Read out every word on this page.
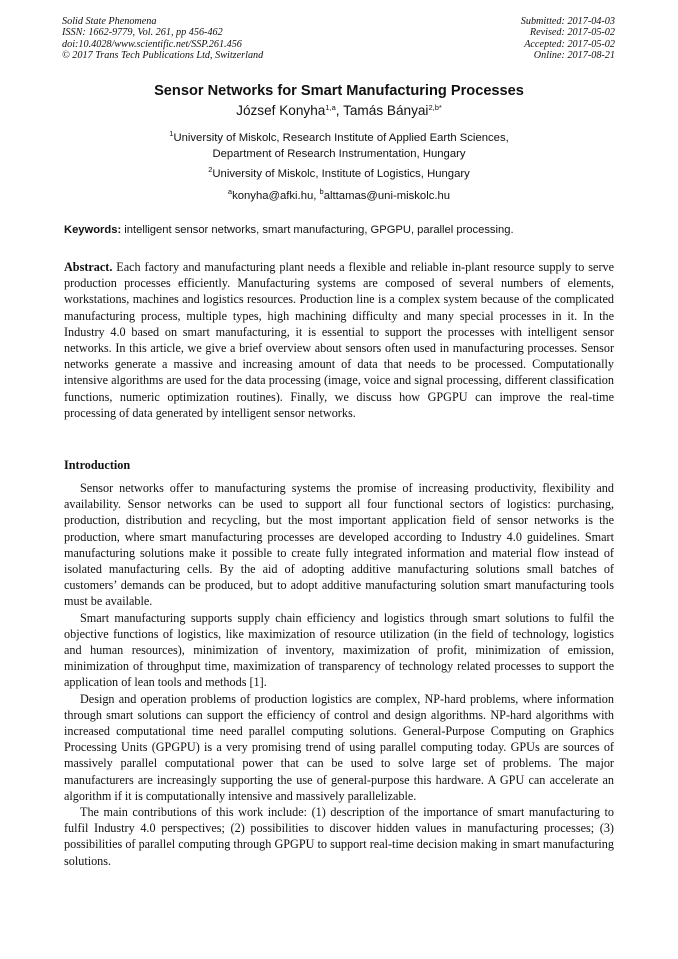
Solid State Phenomena
ISSN: 1662-9779, Vol. 261, pp 456-462
doi:10.4028/www.scientific.net/SSP.261.456
© 2017 Trans Tech Publications Ltd, Switzerland
Submitted: 2017-04-03
Revised: 2017-05-02
Accepted: 2017-05-02
Online: 2017-08-21
Sensor Networks for Smart Manufacturing Processes
József Konyha$^{1,a}$, Tamás Bányai$^{2,b*}$
$^1$University of Miskolc, Research Institute of Applied Earth Sciences,
Department of Research Instrumentation, Hungary
$^2$University of Miskolc, Institute of Logistics, Hungary
$^a$konyha@afki.hu, $^b$alttamas@uni-miskolc.hu
Keywords: intelligent sensor networks, smart manufacturing, GPGPU, parallel processing.

Abstract. Each factory and manufacturing plant needs a flexible and reliable in-plant resource supply to serve production processes efficiently. Manufacturing systems are composed of several numbers of elements, workstations, machines and logistics resources. Production line is a complex system because of the complicated manufacturing process, multiple types, high machining difficulty and many special processes in it. In the Industry 4.0 based on smart manufacturing, it is essential to support the processes with intelligent sensor networks. In this article, we give a brief overview about sensors often used in manufacturing processes. Sensor networks generate a massive and increasing amount of data that needs to be processed. Computationally intensive algorithms are used for the data processing (image, voice and signal processing, different classification functions, numeric optimization routines). Finally, we discuss how GPGPU can improve the real-time processing of data generated by intelligent sensor networks.

Introduction

Sensor networks offer to manufacturing systems the promise of increasing productivity, flexibility and availability. Sensor networks can be used to support all four functional sectors of logistics: purchasing, production, distribution and recycling, but the most important application field of sensor networks is the production, where smart manufacturing processes are developed according to Industry 4.0 guidelines. Smart manufacturing solutions make it possible to create fully integrated information and material flow instead of isolated manufacturing cells. By the aid of adopting additive manufacturing solutions small batches of customers’ demands can be produced, but to adopt additive manufacturing solution smart manufacturing tools must be available.

Smart manufacturing supports supply chain efficiency and logistics through smart solutions to fulfil the objective functions of logistics, like maximization of resource utilization (in the field of technology, logistics and human resources), minimization of inventory, maximization of profit, minimization of emission, minimization of throughput time, maximization of transparency of technology related processes to support the application of lean tools and methods [1].

Design and operation problems of production logistics are complex, NP-hard problems, where information through smart solutions can support the efficiency of control and design algorithms. NP-hard algorithms with increased computational time need parallel computing solutions. General-Purpose Computing on Graphics Processing Units (GPGPU) is a very promising trend of using parallel computing today. GPUs are sources of massively parallel computational power that can be used to solve large set of problems. The major manufacturers are increasingly supporting the use of general-purpose this hardware. A GPU can accelerate an algorithm if it is computationally intensive and massively parallelizable.

The main contributions of this work include: (1) description of the importance of smart manufacturing to fulfil Industry 4.0 perspectives; (2) possibilities to discover hidden values in manufacturing processes; (3) possibilities of parallel computing through GPGPU to support real-time decision making in smart manufacturing solutions.
